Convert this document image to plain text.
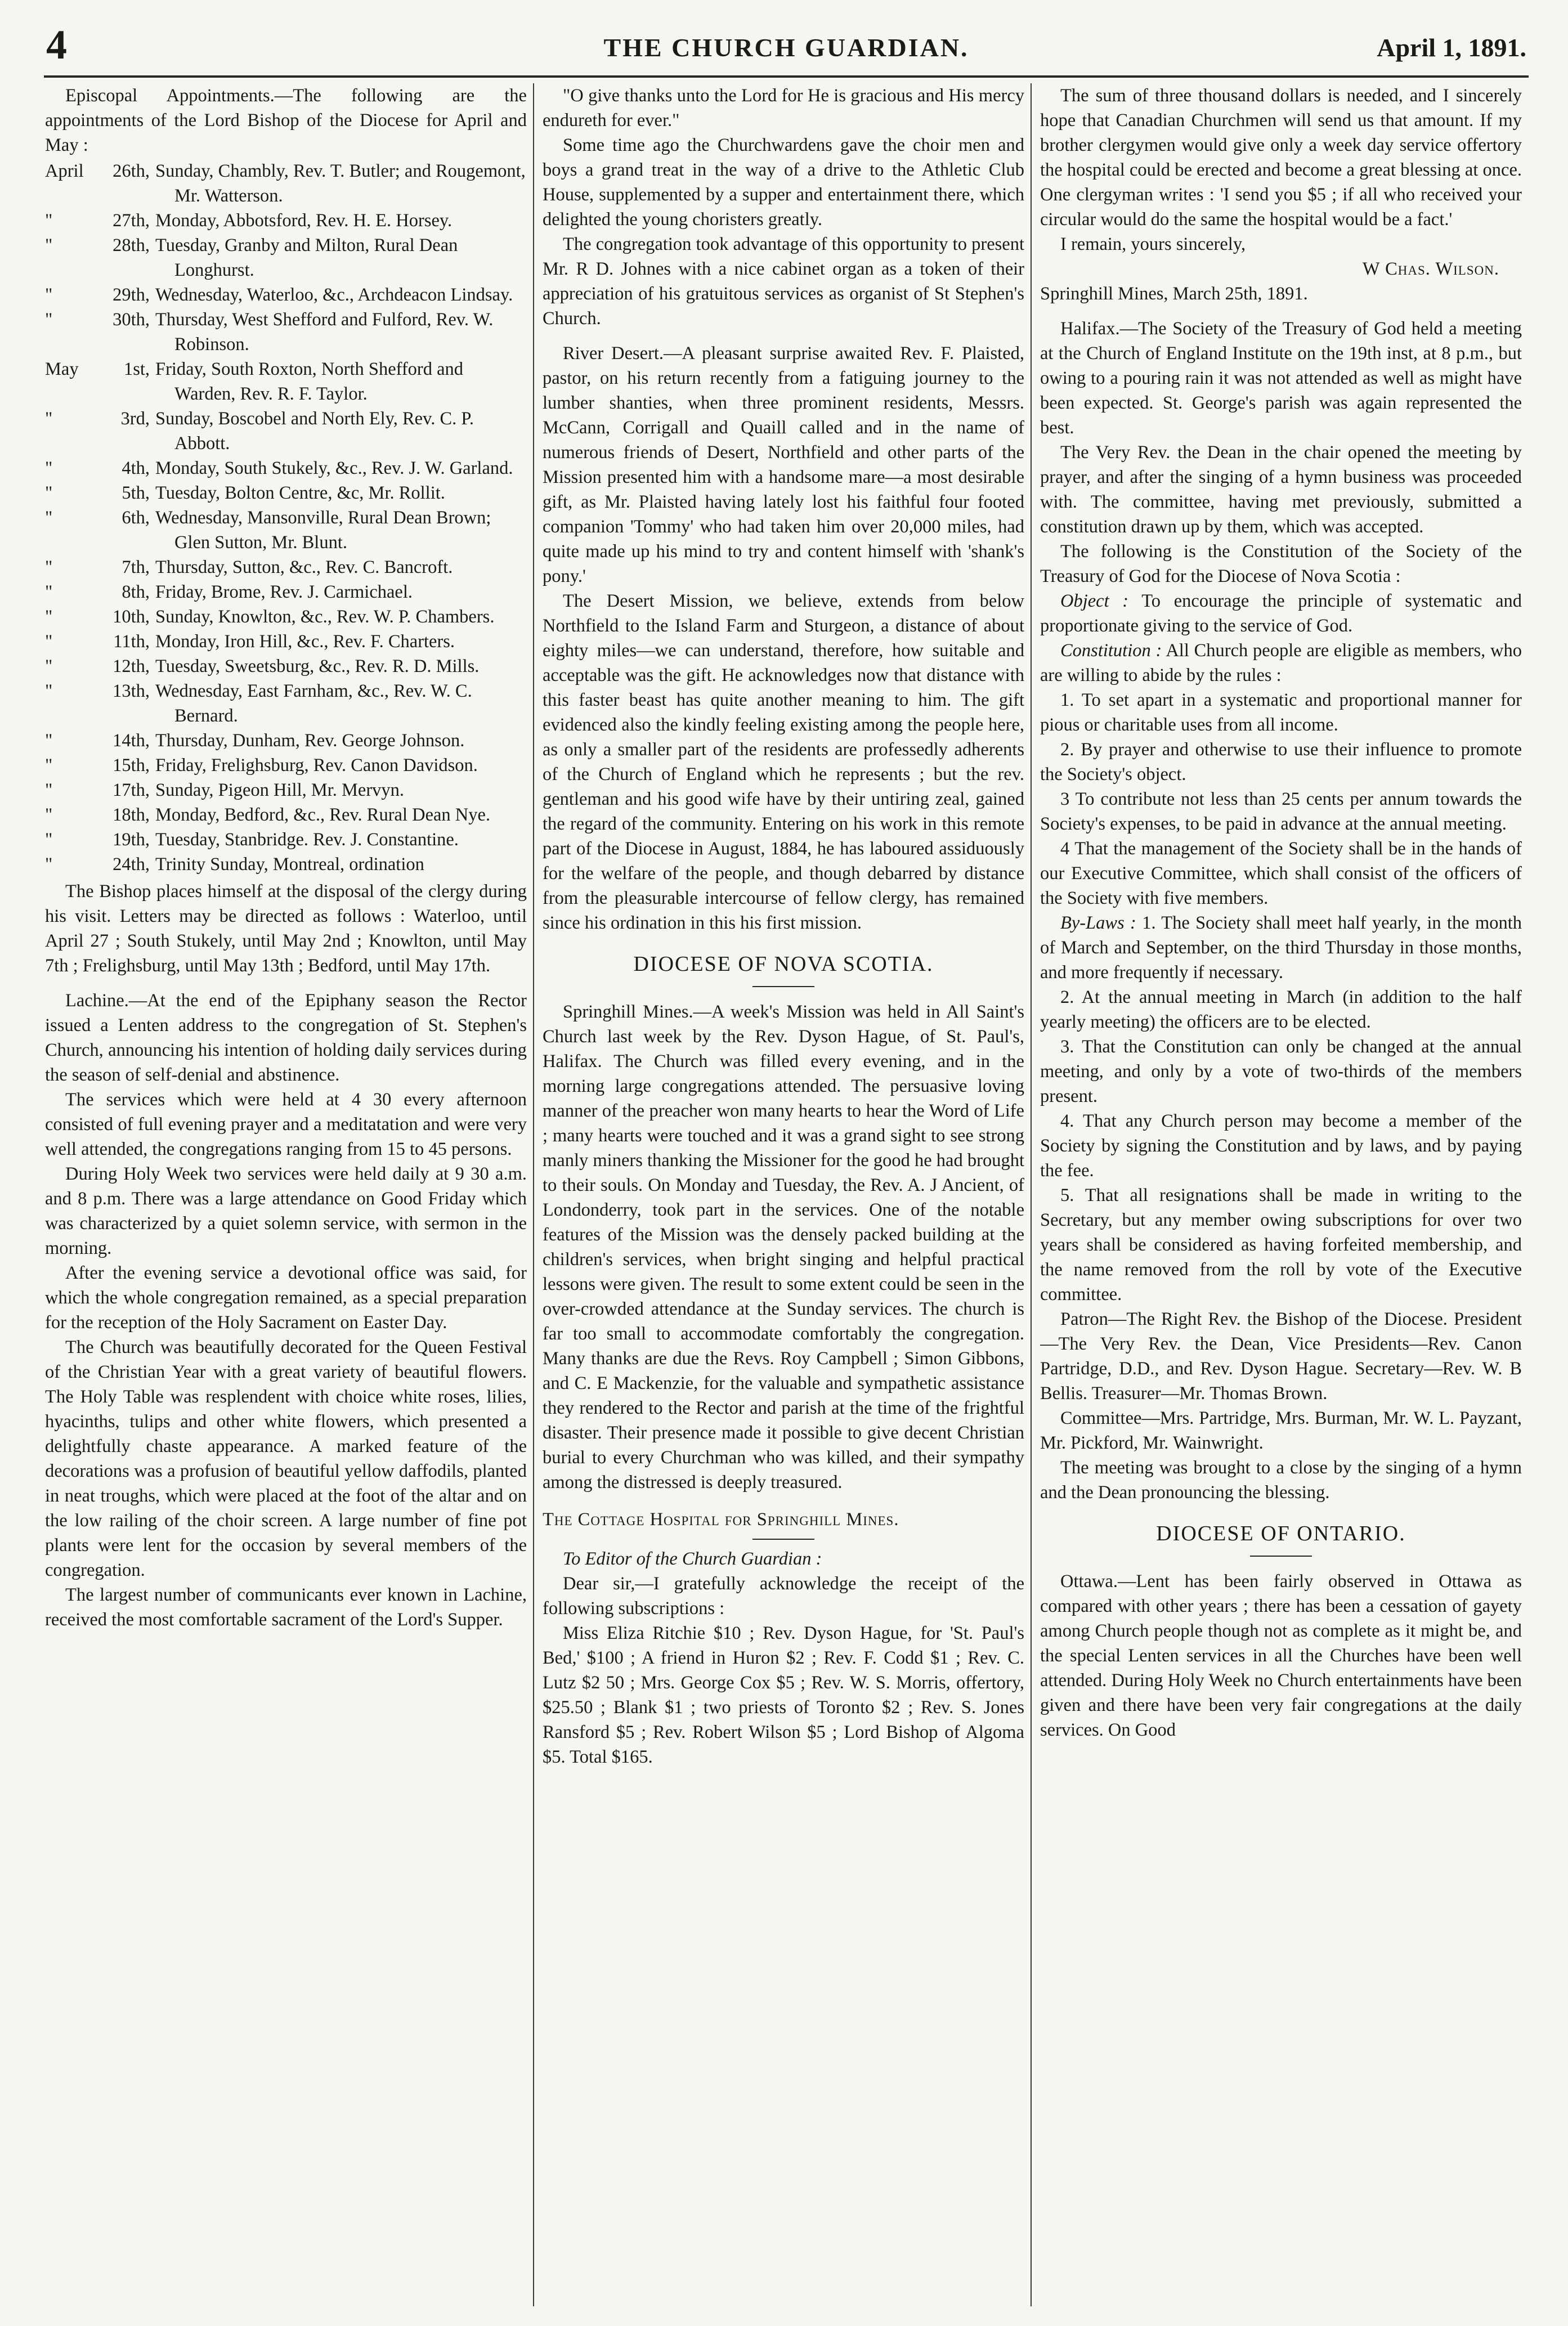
4	THE CHURCH GUARDIAN.	April 1, 1891.

Episcopal Appointments.—The following are the appointments of the Lord Bishop of the Diocese for April and May :

April	26th, Sunday, Chambly, Rev. T. Butler; and Rougemont, Mr. Watterson.
"	27th, Monday, Abbotsford, Rev. H. E. Horsey.
"	28th, Tuesday, Granby and Milton, Rural Dean Longhurst.
"	29th, Wednesday, Waterloo, &c., Archdeacon Lindsay.
"	30th, Thursday, West Shefford and Fulford, Rev. W. Robinson.
May	1st, Friday, South Roxton, North Shefford and Warden, Rev. R. F. Taylor.
"	3rd, Sunday, Boscobel and North Ely, Rev. C. P. Abbott.
"	4th, Monday, South Stukely, &c., Rev. J. W. Garland.
"	5th, Tuesday, Bolton Centre, &c, Mr. Rollit.
"	6th, Wednesday, Mansonville, Rural Dean Brown; Glen Sutton, Mr. Blunt.
"	7th, Thursday, Sutton, &c., Rev. C. Bancroft.
"	8th, Friday, Brome, Rev. J. Carmichael.
"	10th, Sunday, Knowlton, &c., Rev. W. P. Chambers.
"	11th, Monday, Iron Hill, &c., Rev. F. Charters.
"	12th, Tuesday, Sweetsburg, &c., Rev. R. D. Mills.
"	13th, Wednesday, East Farnham, &c., Rev. W. C. Bernard.
"	14th, Thursday, Dunham, Rev. George Johnson.
"	15th, Friday, Frelighsburg, Rev. Canon Davidson.
"	17th, Sunday, Pigeon Hill, Mr. Mervyn.
"	18th, Monday, Bedford, &c., Rev. Rural Dean Nye.
"	19th, Tuesday, Stanbridge. Rev. J. Constantine.
"	24th, Trinity Sunday, Montreal, ordination

The Bishop places himself at the disposal of the clergy during his visit. Letters may be directed as follows : Waterloo, until April 27 ; South Stukely, until May 2nd ; Knowlton, until May 7th ; Frelighsburg, until May 13th ; Bedford, until May 17th.

Lachine.—At the end of the Epiphany season the Rector issued a Lenten address to the congregation of St. Stephen's Church, announcing his intention of holding daily services during the season of self-denial and abstinence.

The services which were held at 4 30 every afternoon consisted of full evening prayer and a meditatation and were very well attended, the congregations ranging from 15 to 45 persons.

During Holy Week two services were held daily at 9 30 a.m. and 8 p.m. There was a large attendance on Good Friday which was characterized by a quiet solemn service, with sermon in the morning.

After the evening service a devotional office was said, for which the whole congregation remained, as a special preparation for the reception of the Holy Sacrament on Easter Day.

The Church was beautifully decorated for the Queen Festival of the Christian Year with a great variety of beautiful flowers. The Holy Table was resplendent with choice white roses, lilies, hyacinths, tulips and other white flowers, which presented a delightfully chaste appearance. A marked feature of the decorations was a profusion of beautiful yellow daffodils, planted in neat troughs, which were placed at the foot of the altar and on the low railing of the choir screen. A large number of fine pot plants were lent for the occasion by several members of the congregation.

The largest number of communicants ever known in Lachine, received the most comfortable sacrament of the Lord's Supper.

"O give thanks unto the Lord for He is gracious and His mercy endureth for ever."

Some time ago the Churchwardens gave the choir men and boys a grand treat in the way of a drive to the Athletic Club House, supplemented by a supper and entertainment there, which delighted the young choristers greatly.

The congregation took advantage of this opportunity to present Mr. R D. Johnes with a nice cabinet organ as a token of their appreciation of his gratuitous services as organist of St Stephen's Church.

River Desert.—A pleasant surprise awaited Rev. F. Plaisted, pastor, on his return recently from a fatiguing journey to the lumber shanties, when three prominent residents, Messrs. McCann, Corrigall and Quaill called and in the name of numerous friends of Desert, Northfield and other parts of the Mission presented him with a handsome mare—a most desirable gift, as Mr. Plaisted having lately lost his faithful four footed companion 'Tommy' who had taken him over 20,000 miles, had quite made up his mind to try and content himself with 'shank's pony.'

The Desert Mission, we believe, extends from below Northfield to the Island Farm and Sturgeon, a distance of about eighty miles—we can understand, therefore, how suitable and acceptable was the gift. He acknowledges now that distance with this faster beast has quite another meaning to him. The gift evidenced also the kindly feeling existing among the people here, as only a smaller part of the residents are professedly adherents of the Church of England which he represents ; but the rev. gentleman and his good wife have by their untiring zeal, gained the regard of the community. Entering on his work in this remote part of the Diocese in August, 1884, he has laboured assiduously for the welfare of the people, and though debarred by distance from the pleasurable intercourse of fellow clergy, has remained since his ordination in this his first mission.

DIOCESE OF NOVA SCOTIA.

Springhill Mines.—A week's Mission was held in All Saint's Church last week by the Rev. Dyson Hague, of St. Paul's, Halifax. The Church was filled every evening, and in the morning large congregations attended. The persuasive loving manner of the preacher won many hearts to hear the Word of Life ; many hearts were touched and it was a grand sight to see strong manly miners thanking the Missioner for the good he had brought to their souls. On Monday and Tuesday, the Rev. A. J Ancient, of Londonderry, took part in the services. One of the notable features of the Mission was the densely packed building at the children's services, when bright singing and helpful practical lessons were given. The result to some extent could be seen in the over-crowded attendance at the Sunday services. The church is far too small to accommodate comfortably the congregation. Many thanks are due the Revs. Roy Campbell ; Simon Gibbons, and C. E Mackenzie, for the valuable and sympathetic assistance they rendered to the Rector and parish at the time of the frightful disaster. Their presence made it possible to give decent Christian burial to every Churchman who was killed, and their sympathy among the distressed is deeply treasured.

The Cottage Hospital for Springhill Mines.

To Editor of the Church Guardian :

Dear sir,—I gratefully acknowledge the receipt of the following subscriptions :

Miss Eliza Ritchie $10 ; Rev. Dyson Hague, for 'St. Paul's Bed,' $100 ; A friend in Huron $2 ; Rev. F. Codd $1 ; Rev. C. Lutz $2 50 ; Mrs. George Cox $5 ; Rev. W. S. Morris, offertory, $25.50 ; Blank $1 ; two priests of Toronto $2 ; Rev. S. Jones Ransford $5 ; Rev. Robert Wilson $5 ; Lord Bishop of Algoma $5. Total $165.

The sum of three thousand dollars is needed, and I sincerely hope that Canadian Churchmen will send us that amount. If my brother clergymen would give only a week day service offertory the hospital could be erected and become a great blessing at once. One clergyman writes : 'I send you $5 ; if all who received your circular would do the same the hospital would be a fact.'

I remain, yours sincerely,

W Chas. Wilson.

Springhill Mines, March 25th, 1891.

Halifax.—The Society of the Treasury of God held a meeting at the Church of England Institute on the 19th inst, at 8 p.m., but owing to a pouring rain it was not attended as well as might have been expected. St. George's parish was again represented the best.

The Very Rev. the Dean in the chair opened the meeting by prayer, and after the singing of a hymn business was proceeded with. The committee, having met previously, submitted a constitution drawn up by them, which was accepted.

The following is the Constitution of the Society of the Treasury of God for the Diocese of Nova Scotia :

Object : To encourage the principle of systematic and proportionate giving to the service of God.

Constitution : All Church people are eligible as members, who are willing to abide by the rules :

1. To set apart in a systematic and proportional manner for pious or charitable uses from all income.

2. By prayer and otherwise to use their influence to promote the Society's object.

3 To contribute not less than 25 cents per annum towards the Society's expenses, to be paid in advance at the annual meeting.

4 That the management of the Society shall be in the hands of our Executive Committee, which shall consist of the officers of the Society with five members.

By-Laws : 1. The Society shall meet half yearly, in the month of March and September, on the third Thursday in those months, and more frequently if necessary.

2. At the annual meeting in March (in addition to the half yearly meeting) the officers are to be elected.

3. That the Constitution can only be changed at the annual meeting, and only by a vote of two-thirds of the members present.

4. That any Church person may become a member of the Society by signing the Constitution and by laws, and by paying the fee.

5. That all resignations shall be made in writing to the Secretary, but any member owing subscriptions for over two years shall be considered as having forfeited membership, and the name removed from the roll by vote of the Executive committee.

Patron—The Right Rev. the Bishop of the Diocese. President—The Very Rev. the Dean, Vice Presidents—Rev. Canon Partridge, D.D., and Rev. Dyson Hague. Secretary—Rev. W. B Bellis. Treasurer—Mr. Thomas Brown.

Committee—Mrs. Partridge, Mrs. Burman, Mr. W. L. Payzant, Mr. Pickford, Mr. Wainwright.

The meeting was brought to a close by the singing of a hymn and the Dean pronouncing the blessing.

DIOCESE OF ONTARIO.

Ottawa.—Lent has been fairly observed in Ottawa as compared with other years ; there has been a cessation of gayety among Church people though not as complete as it might be, and the special Lenten services in all the Churches have been well attended. During Holy Week no Church entertainments have been given and there have been very fair congregations at the daily services. On Good
